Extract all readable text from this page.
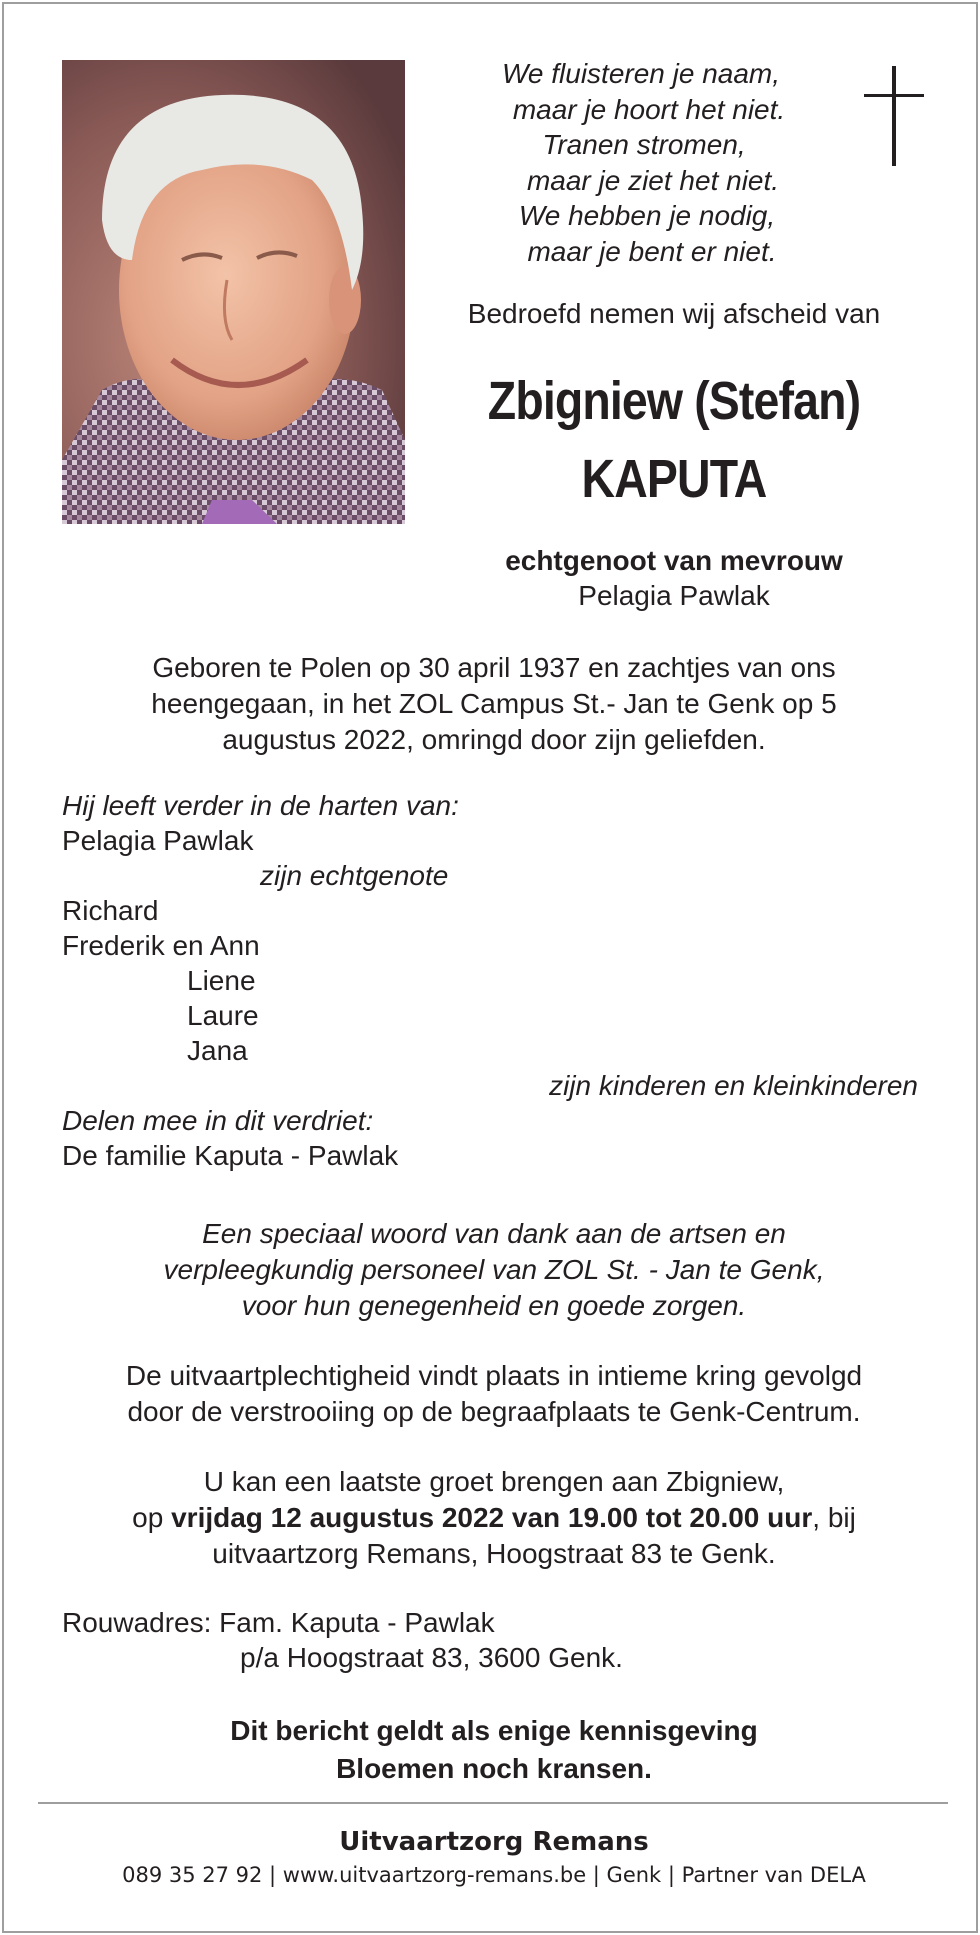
We fluisteren je naam,
maar je hoort het niet.
Tranen stromen,
maar je ziet het niet.
We hebben je nodig,
maar je bent er niet.
Bedroefd nemen wij afscheid van
Zbigniew (Stefan)
KAPUTA
echtgenoot van mevrouw
Pelagia Pawlak
Geboren te Polen op 30 april 1937 en zachtjes van ons
heengegaan, in het ZOL Campus St.- Jan te Genk op 5
augustus 2022, omringd door zijn geliefden.
Hij leeft verder in de harten van:
Pelagia Pawlak
zijn echtgenote
Richard
Frederik en Ann
Liene
Laure
Jana
zijn kinderen en kleinkinderen
Delen mee in dit verdriet:
De familie Kaputa - Pawlak
Een speciaal woord van dank aan de artsen en
verpleegkundig personeel van ZOL St. - Jan te Genk,
voor hun genegenheid en goede zorgen.
De uitvaartplechtigheid vindt plaats in intieme kring gevolgd
door de verstrooiing op de begraafplaats te Genk-Centrum.
U kan een laatste groet brengen aan Zbigniew,
op vrijdag 12 augustus 2022 van 19.00 tot 20.00 uur, bij
uitvaartzorg Remans, Hoogstraat 83 te Genk.
Rouwadres: Fam. Kaputa - Pawlak
p/a Hoogstraat 83, 3600 Genk.
Dit bericht geldt als enige kennisgeving
Bloemen noch kransen.
Uitvaartzorg Remans
089 35 27 92 | www.uitvaartzorg-remans.be | Genk | Partner van DELA
